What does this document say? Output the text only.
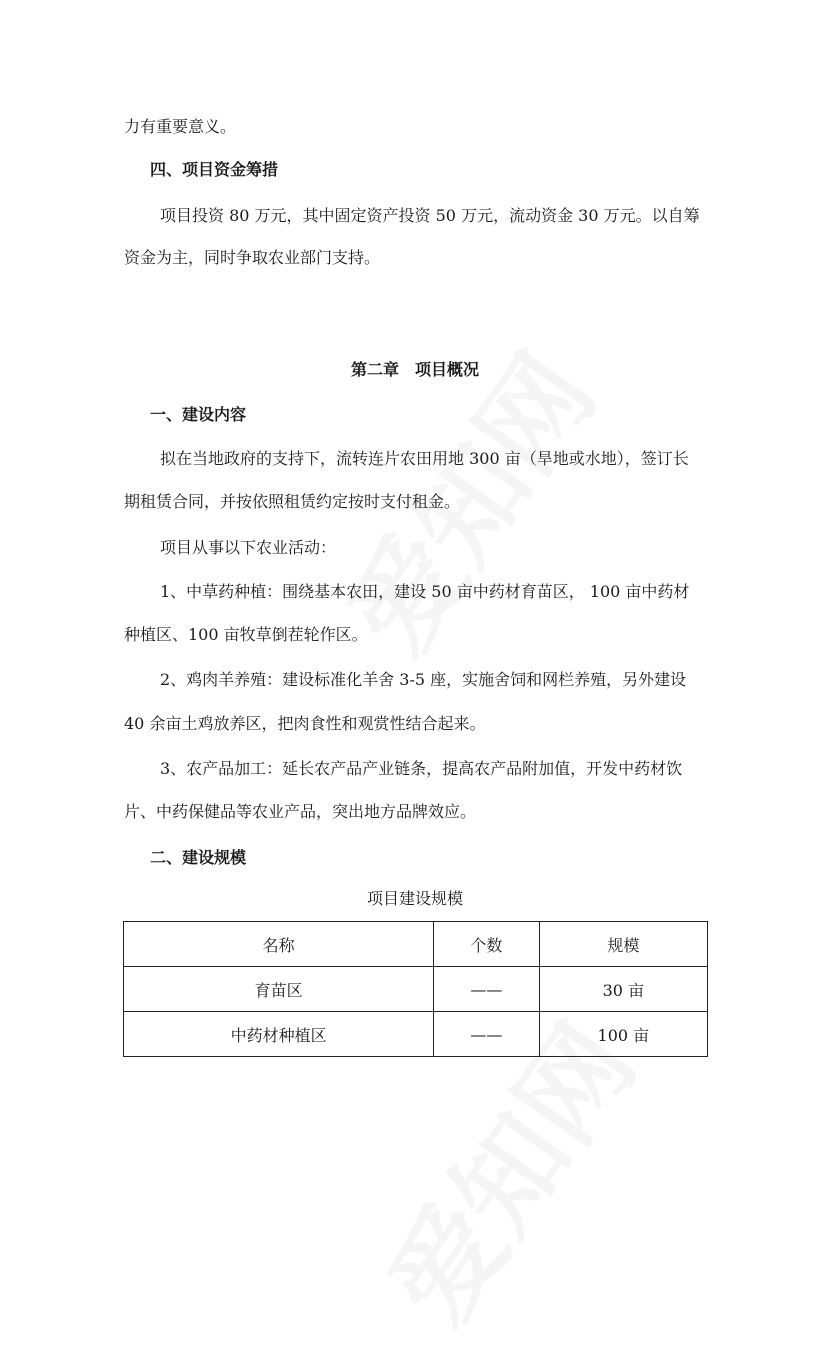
力有重要意义。
四、项目资金筹措
项目投资 80 万元，其中固定资产投资 50 万元，流动资金 30 万元。以自筹
资金为主，同时争取农业部门支持。
第二章　项目概况
一、建设内容
拟在当地政府的支持下，流转连片农田用地 300 亩（旱地或水地），签订长
期租赁合同，并按依照租赁约定按时支付租金。
项目从事以下农业活动：
1、中草药种植：围绕基本农田，建设 50 亩中药材育苗区， 100 亩中药材
种植区、100 亩牧草倒茬轮作区。
2、鸡肉羊养殖：建设标准化羊舍 3-5 座，实施舍饲和网栏养殖，另外建设
40 余亩土鸡放养区，把肉食性和观赏性结合起来。
3、农产品加工：延长农产品产业链条，提高农产品附加值，开发中药材饮
片、中药保健品等农业产品，突出地方品牌效应。
二、建设规模
项目建设规模
名称	个数	规模
育苗区	——	30 亩
中药材种植区	——	100 亩
